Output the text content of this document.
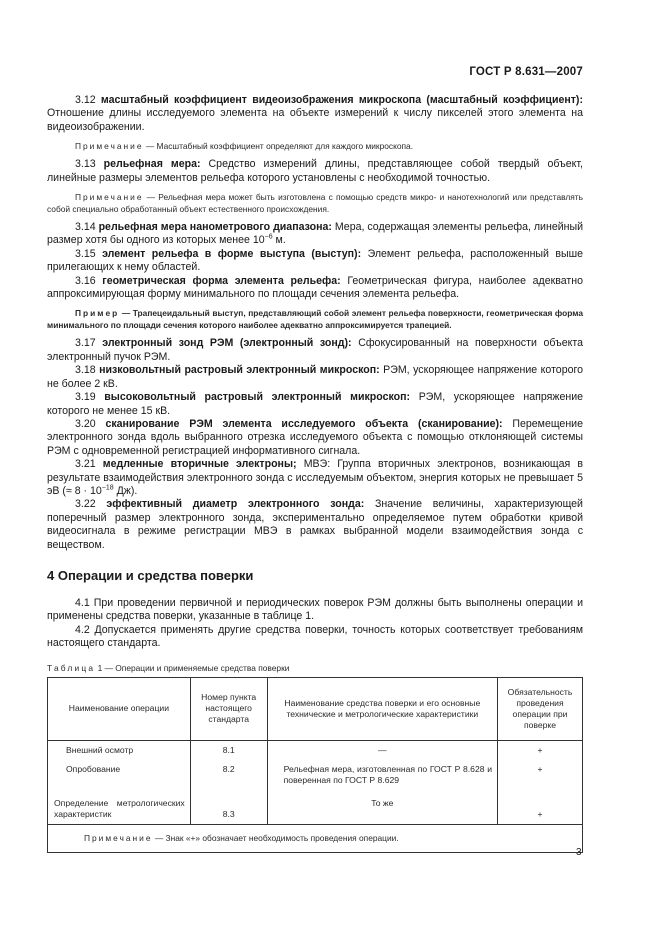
ГОСТ Р 8.631—2007

3.12 масштабный коэффициент видеоизображения микроскопа (масштабный коэффициент): Отношение длины исследуемого элемента на объекте измерений к числу пикселей этого элемента на видеоизображении.

Примечание — Масштабный коэффициент определяют для каждого микроскопа.

3.13 рельефная мера: Средство измерений длины, представляющее собой твердый объект, линейные размеры элементов рельефа которого установлены с необходимой точностью.

Примечание — Рельефная мера может быть изготовлена с помощью средств микро- и нанотехнологий или представлять собой специально обработанный объект естественного происхождения.

3.14 рельефная мера нанометрового диапазона: Мера, содержащая элементы рельефа, линейный размер хотя бы одного из которых менее $10^{-6}$ м.

3.15 элемент рельефа в форме выступа (выступ): Элемент рельефа, расположенный выше прилегающих к нему областей.

3.16 геометрическая форма элемента рельефа: Геометрическая фигура, наиболее адекватно аппроксимирующая форму минимального по площади сечения элемента рельефа.

Пример — Трапецеидальный выступ, представляющий собой элемент рельефа поверхности, геометрическая форма минимального по площади сечения которого наиболее адекватно аппроксимируется трапецией.

3.17 электронный зонд РЭМ (электронный зонд): Сфокусированный на поверхности объекта электронный пучок РЭМ.

3.18 низковольтный растровый электронный микроскоп: РЭМ, ускоряющее напряжение которого не более 2 кВ.

3.19 высоковольтный растровый электронный микроскоп: РЭМ, ускоряющее напряжение которого не менее 15 кВ.

3.20 сканирование РЭМ элемента исследуемого объекта (сканирование): Перемещение электронного зонда вдоль выбранного отрезка исследуемого объекта с помощью отклоняющей системы РЭМ с одновременной регистрацией информативного сигнала.

3.21 медленные вторичные электроны; МВЭ: Группа вторичных электронов, возникающая в результате взаимодействия электронного зонда с исследуемым объектом, энергия которых не превышает 5 эВ (≈ $8 \cdot 10^{-18}$ Дж).

3.22 эффективный диаметр электронного зонда: Значение величины, характеризующей поперечный размер электронного зонда, экспериментально определяемое путем обработки кривой видеосигнала в режиме регистрации МВЭ в рамках выбранной модели взаимодействия зонда с веществом.

4 Операции и средства поверки

4.1 При проведении первичной и периодических поверок РЭМ должны быть выполнены операции и применены средства поверки, указанные в таблице 1.

4.2 Допускается применять другие средства поверки, точность которых соответствует требованиям настоящего стандарта.

Таблица 1 — Операции и применяемые средства поверки
Наименование операции	Номер пункта настоящего стандарта	Наименование средства поверки и его основные технические и метрологические характеристики	Обязательность проведения операции при поверке
Внешний осмотр	8.1	—	+
Опробование	8.2	Рельефная мера, изготовленная по ГОСТ Р 8.628 и поверенная по ГОСТ Р 8.629	+
Определение метрологических характеристик	8.3	То же	+
Примечание — Знак «+» обозначает необходимость проведения операции.			
3
